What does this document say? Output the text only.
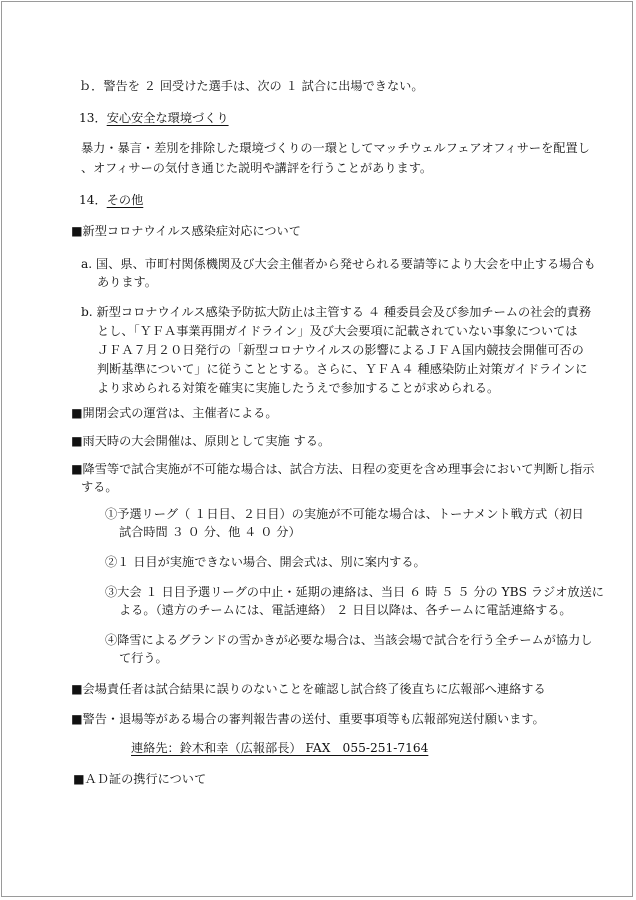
ｂ．警告を ２ 回受けた選手は、次の １ 試合に出場できない。
13．安心安全な環境づくり
暴力・暴言・差別を排除した環境づくりの一環としてマッチウェルフェアオフィサーを配置し
、オフィサーの気付き通じた説明や講評を行うことがあります。
14．その他
■新型コロナウイルス感染症対応について
a. 国、県、市町村関係機関及び大会主催者から発せられる要請等により大会を中止する場合も
あります。
b. 新型コロナウイルス感染予防拡大防止は主管する ４ 種委員会及び参加チームの社会的責務
とし、「ＹＦＡ事業再開ガイドライン」及び大会要項に記載されていない事象については
ＪＦＡ７月２０日発行の「新型コロナウイルスの影響によるＪＦＡ国内競技会開催可否の
判断基準について」に従うこととする。さらに、ＹＦＡ４ 種感染防止対策ガイドラインに
より求められる対策を確実に実施したうえで参加することが求められる。
■開閉会式の運営は、主催者による。
■雨天時の大会開催は、原則として実施 する。
■降雪等で試合実施が不可能な場合は、試合方法、日程の変更を含め理事会において判断し指示
する。
①予選リーグ（ １日目、２日目）の実施が不可能な場合は、トーナメント戦方式（初日
試合時間 ３ ０ 分、他 ４ ０ 分）
②１ 日目が実施できない場合、開会式は、別に案内する。
③大会 １ 日目予選リーグの中止・延期の連絡は、当日 ６ 時 ５ ５ 分の YBS ラジオ放送に
よる。（遠方のチームには、電話連絡） ２ 日目以降は、各チームに電話連絡する。
④降雪によるグランドの雪かきが必要な場合は、当該会場で試合を行う全チームが協力し
て行う。
■会場責任者は試合結果に誤りのないことを確認し試合終了後直ちに広報部へ連絡する
■警告・退場等がある場合の審判報告書の送付、重要事項等も広報部宛送付願います。
連絡先：鈴木和幸（広報部長） FAX　055-251-7164
■ＡＤ証の携行について
